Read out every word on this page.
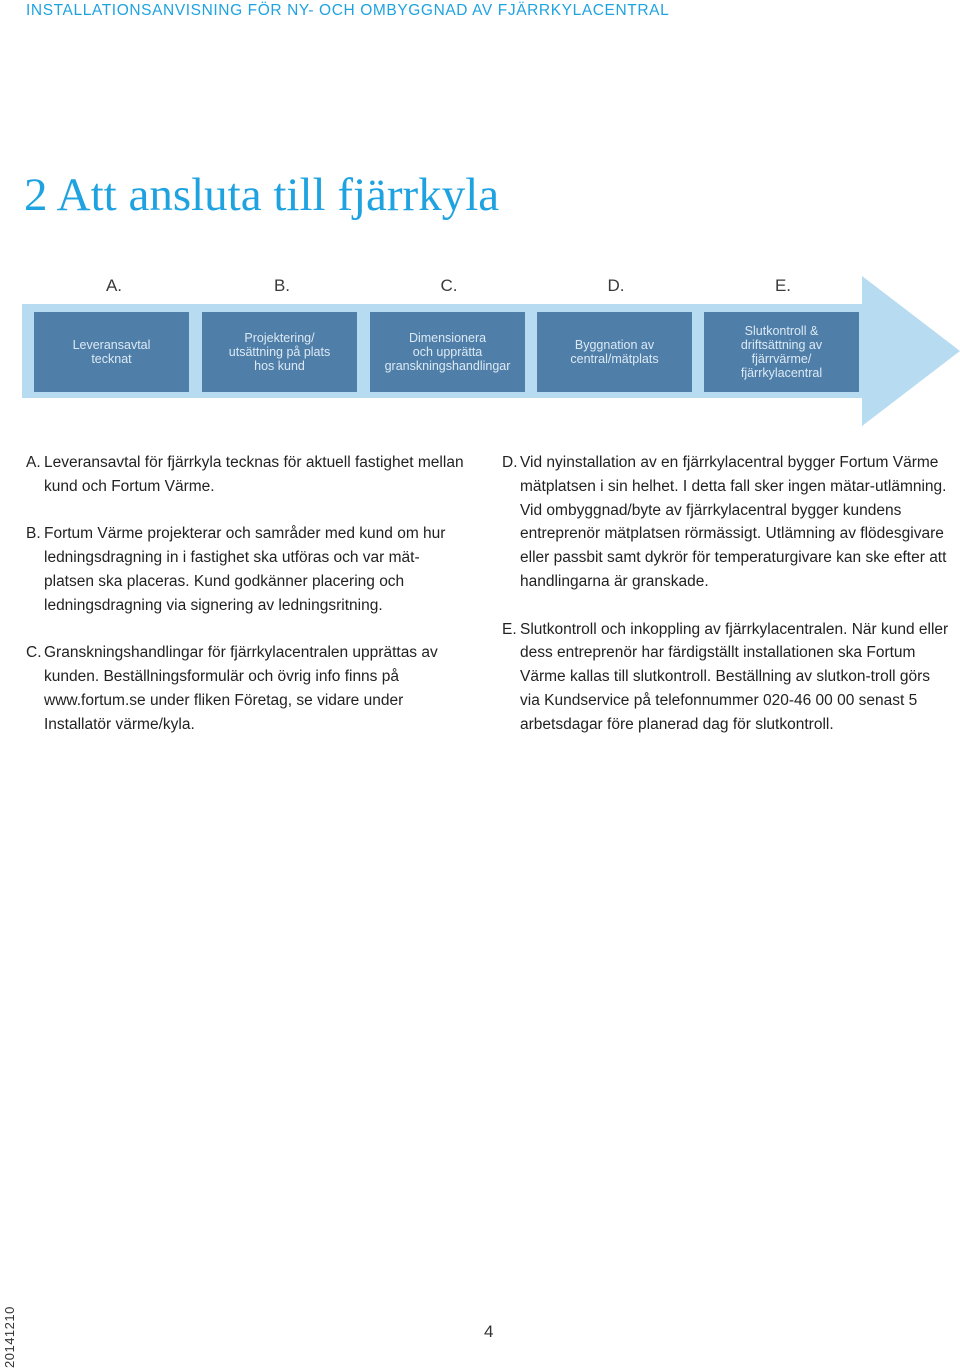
INSTALLATIONSANVISNING FÖR NY- OCH OMBYGGNAD AV FJÄRRKYLACENTRAL
2 Att ansluta till fjärrkyla
A.	B.	C.	D.	E.
Leveransavtal
tecknat
Projektering/
utsättning på plats
hos kund
Dimensionera
och upprätta
granskningshandlingar
Byggnation av
central/mätplats
Slutkontroll &
driftsättning av
fjärrvärme/
fjärrkylacentral

A. Leveransavtal för fjärrkyla tecknas för aktuell fastighet mellan kund och Fortum Värme.

B. Fortum Värme projekterar och samråder med kund om hur ledningsdragning in i fastighet ska utföras och var mät-platsen ska placeras. Kund godkänner placering och ledningsdragning via signering av ledningsritning.

C. Granskningshandlingar för fjärrkylacentralen upprättas av kunden. Beställningsformulär och övrig info finns på www.fortum.se under fliken Företag, se vidare under Installatör värme/kyla.

D. Vid nyinstallation av en fjärrkylacentral bygger Fortum Värme mätplatsen i sin helhet. I detta fall sker ingen mätar-utlämning. Vid ombyggnad/byte av fjärrkylacentral bygger kundens entreprenör mätplatsen rörmässigt. Utlämning av flödesgivare eller passbit samt dykrör för temperaturgivare kan ske efter att handlingarna är granskade.

E. Slutkontroll och inkoppling av fjärrkylacentralen. När kund eller dess entreprenör har färdigställt installationen ska Fortum Värme kallas till slutkontroll. Beställning av slutkon-troll görs via Kundservice på telefonnummer 020-46 00 00 senast 5 arbetsdagar före planerad dag för slutkontroll.

4
20141210
